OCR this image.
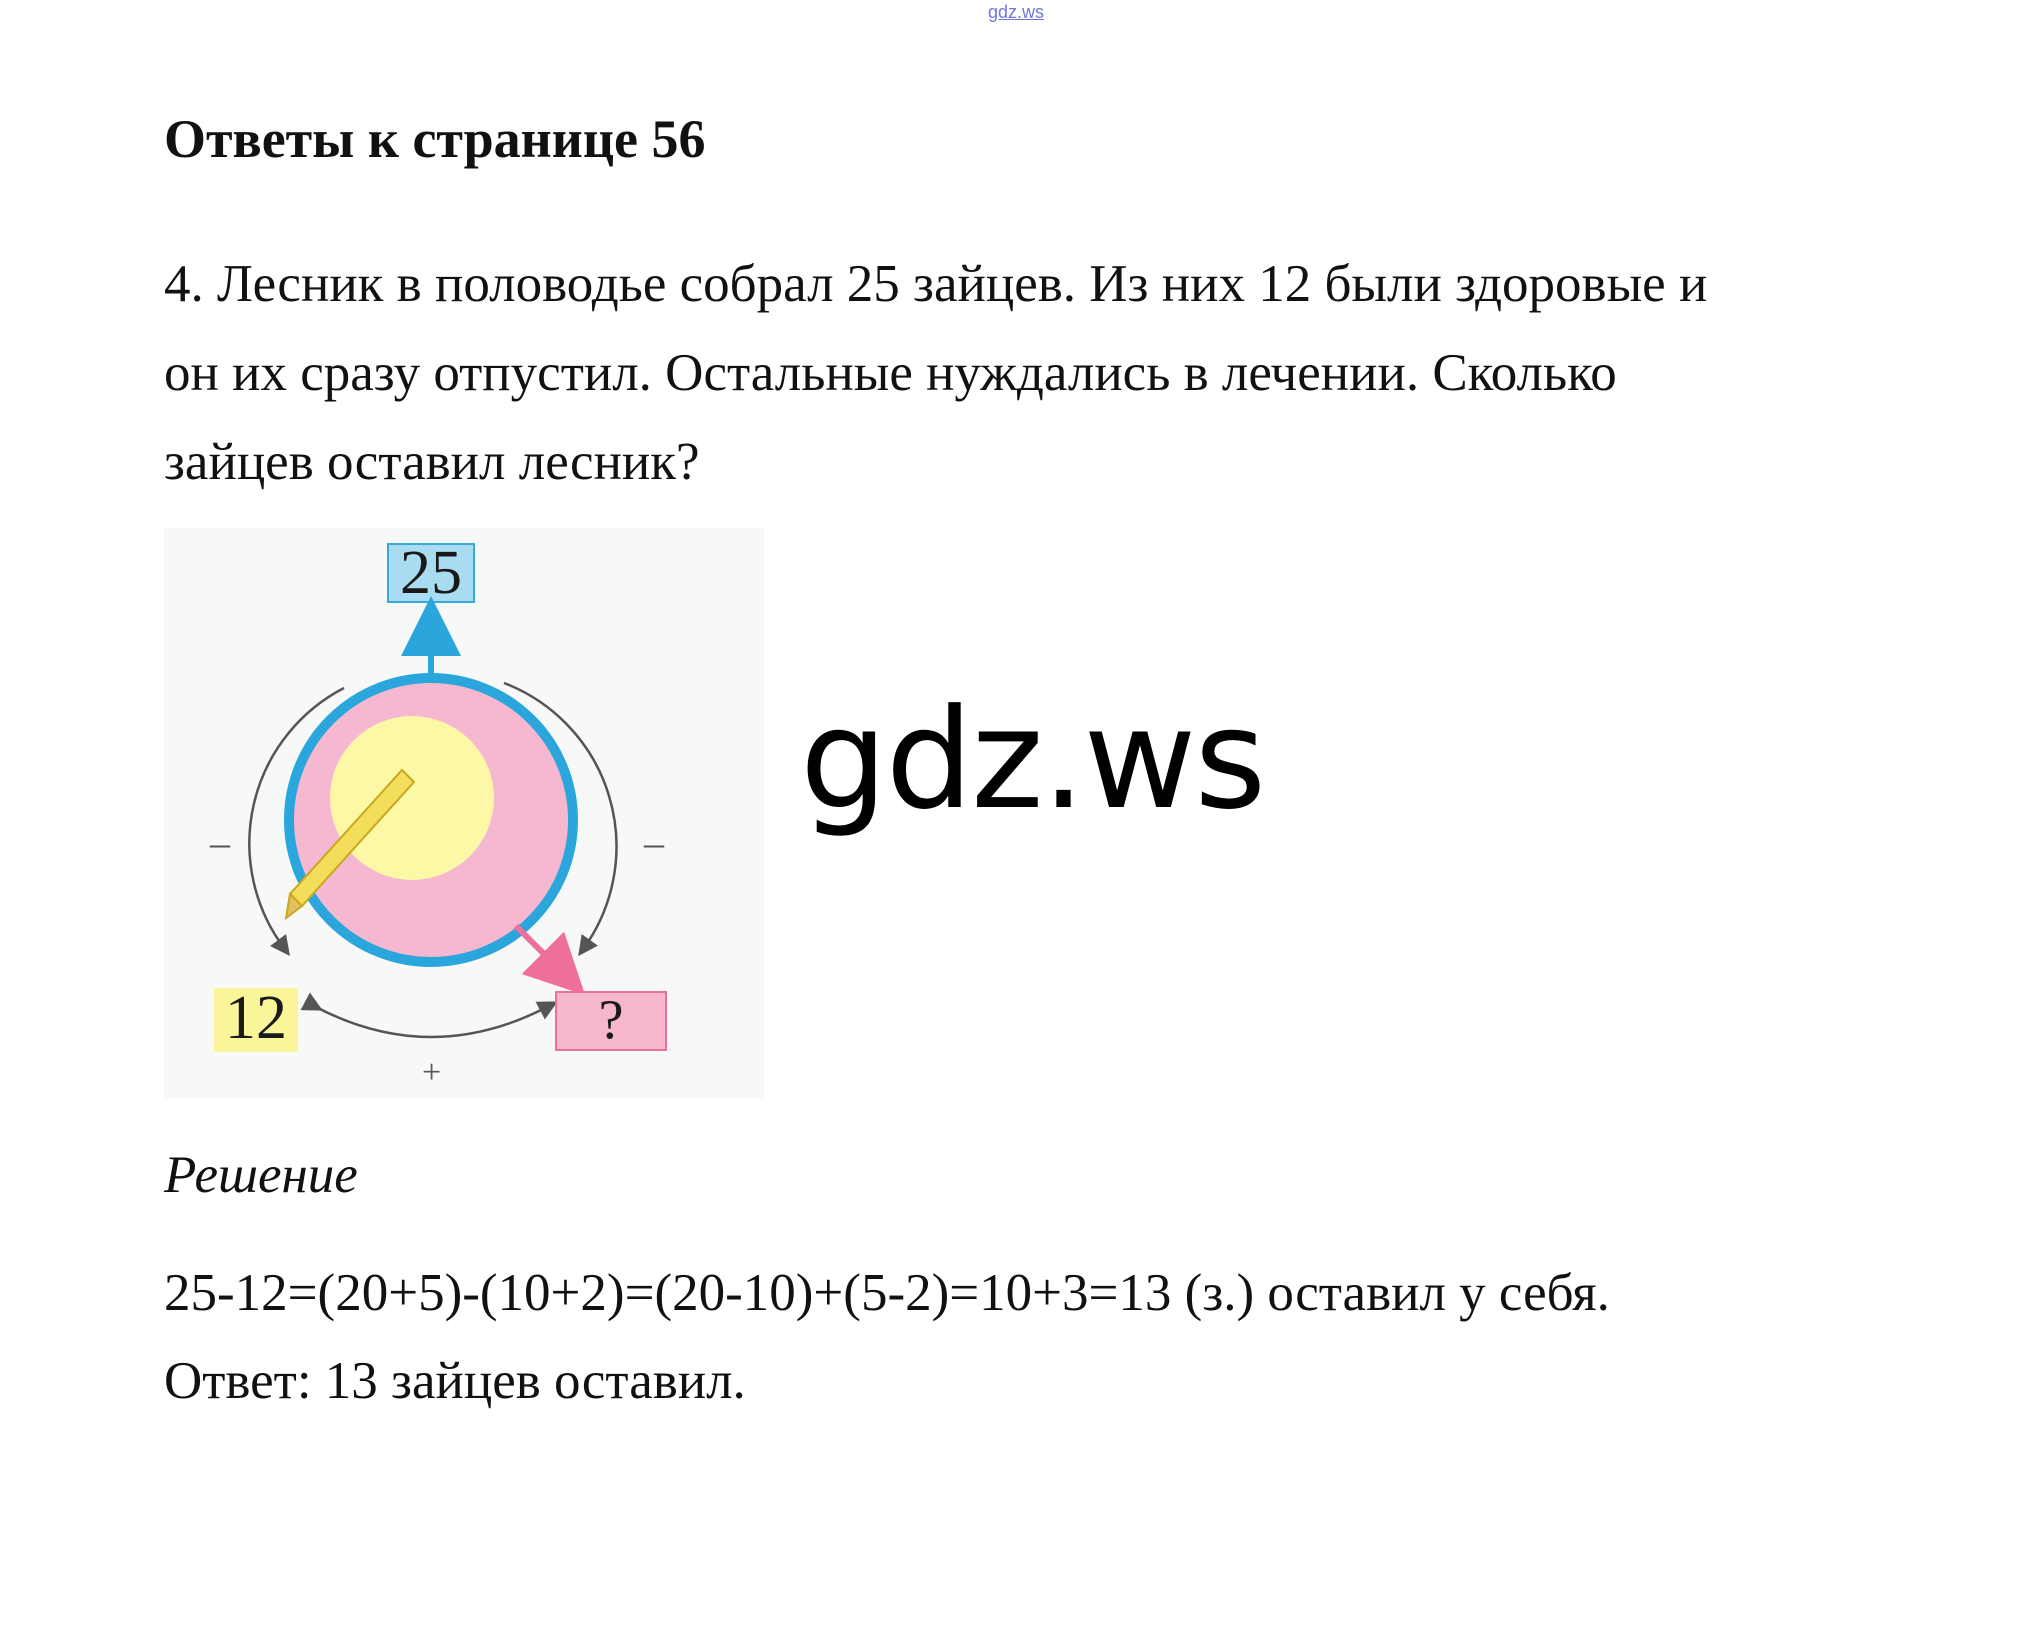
gdz.ws
Ответы к странице 56

4. Лесник в половодье собрал 25 зайцев. Из них 12 были здоровые и
он их сразу отпустил. Остальные нуждались в лечении. Сколько
зайцев оставил лесник?

25
–	–
+
12	?
gdz.ws
Решение
25-12=(20+5)-(10+2)=(20-10)+(5-2)=10+3=13 (з.) оставил у себя.
Ответ: 13 зайцев оставил.
